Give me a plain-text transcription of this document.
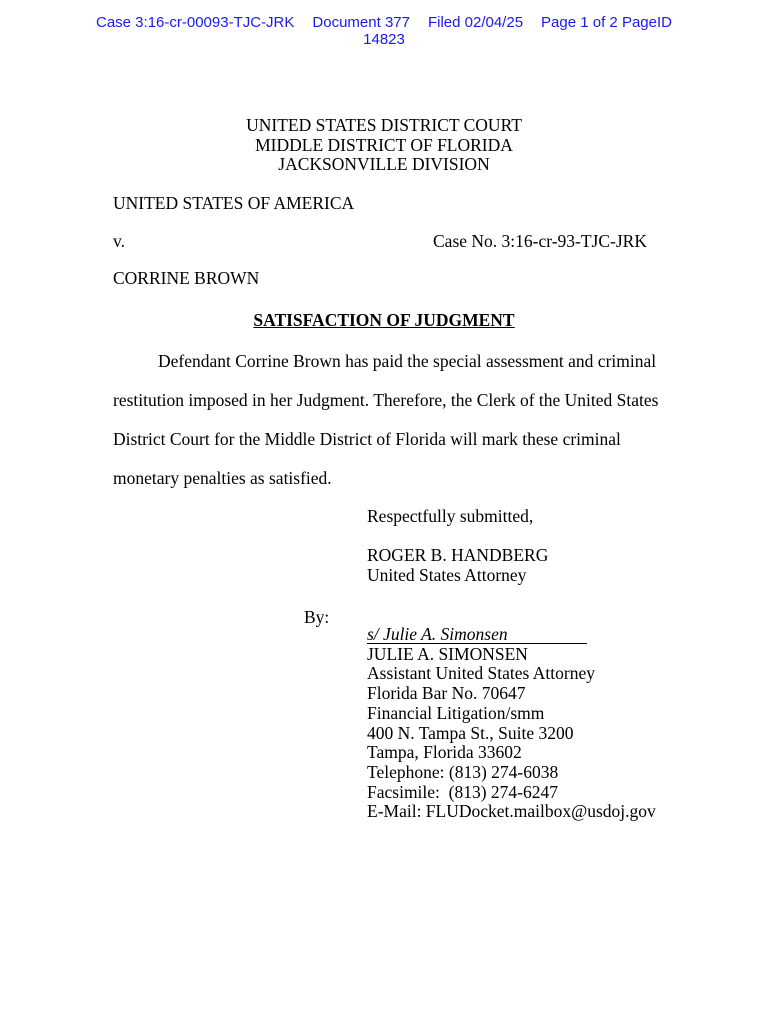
Case 3:16-cr-00093-TJC-JRK Document 377 Filed 02/04/25 Page 1 of 2 PageID
14823
UNITED STATES DISTRICT COURT
MIDDLE DISTRICT OF FLORIDA
JACKSONVILLE DIVISION
UNITED STATES OF AMERICA
v.	Case No. 3:16-cr-93-TJC-JRK
CORRINE BROWN
SATISFACTION OF JUDGMENT
Defendant Corrine Brown has paid the special assessment and criminal
restitution imposed in her Judgment. Therefore, the Clerk of the United States
District Court for the Middle District of Florida will mark these criminal
monetary penalties as satisfied.
Respectfully submitted,
ROGER B. HANDBERG
United States Attorney
By:
s/ Julie A. Simonsen
JULIE A. SIMONSEN
Assistant United States Attorney
Florida Bar No. 70647
Financial Litigation/smm
400 N. Tampa St., Suite 3200
Tampa, Florida 33602
Telephone: (813) 274-6038
Facsimile:  (813) 274-6247
E-Mail: FLUDocket.mailbox@usdoj.gov
